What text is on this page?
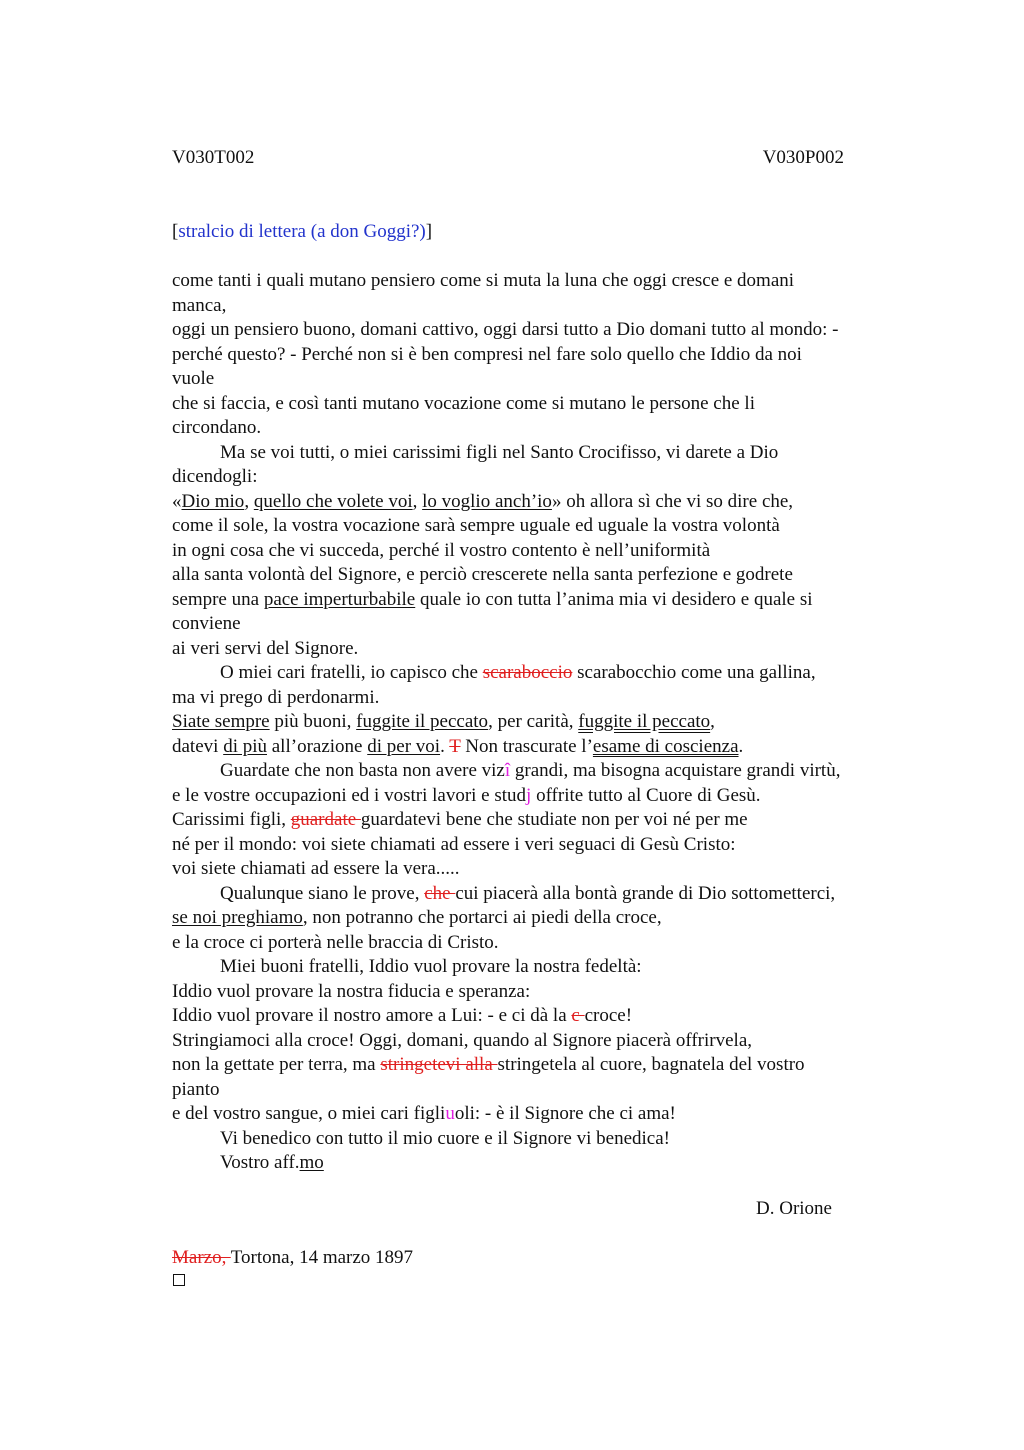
V030T002	V030P002
[stralcio di lettera (a don Goggi?)]
come tanti i quali mutano pensiero come si muta la luna che oggi cresce e domani
manca,
oggi un pensiero buono, domani cattivo, oggi darsi tutto a Dio domani tutto al mondo: -
perché questo? - Perché non si è ben compresi nel fare solo quello che Iddio da noi
vuole
che si faccia, e così tanti mutano vocazione come si mutano le persone che li
circondano.
Ma se voi tutti, o miei carissimi figli nel Santo Crocifisso, vi darete a Dio
dicendogli:
«Dio mio, quello che volete voi, lo voglio anch’io» oh allora sì che vi so dire che,
come il sole, la vostra vocazione sarà sempre uguale ed uguale la vostra volontà
in ogni cosa che vi succeda, perché il vostro contento è nell’uniformità
alla santa volontà del Signore, e perciò crescerete nella santa perfezione e godrete
sempre una pace imperturbabile quale io con tutta l’anima mia vi desidero e quale si
conviene
ai veri servi del Signore.
O miei cari fratelli, io capisco che scaraboccio scarabocchio come una gallina,
ma vi prego di perdonarmi.
Siate sempre più buoni, fuggite il peccato, per carità, fuggite il peccato,
datevi di più all’orazione di per voi. T Non trascurate l’esame di coscienza.
Guardate che non basta non avere vizî grandi, ma bisogna acquistare grandi virtù,
e le vostre occupazioni ed i vostri lavori e studj offrite tutto al Cuore di Gesù.
Carissimi figli, guardate guardatevi bene che studiate non per voi né per me
né per il mondo: voi siete chiamati ad essere i veri seguaci di Gesù Cristo:
voi siete chiamati ad essere la vera.....
Qualunque siano le prove, che cui piacerà alla bontà grande di Dio sottometterci,
se noi preghiamo, non potranno che portarci ai piedi della croce,
e la croce ci porterà nelle braccia di Cristo.
Miei buoni fratelli, Iddio vuol provare la nostra fedeltà:
Iddio vuol provare la nostra fiducia e speranza:
Iddio vuol provare il nostro amore a Lui: - e ci dà la c croce!
Stringiamoci alla croce! Oggi, domani, quando al Signore piacerà offrirvela,
non la gettate per terra, ma stringetevi alla stringetela al cuore, bagnatela del vostro
pianto
e del vostro sangue, o miei cari figliuoli: - è il Signore che ci ama!
Vi benedico con tutto il mio cuore e il Signore vi benedica!
Vostro aff.mo
D. Orione
Marzo, Tortona, 14 marzo 1897
